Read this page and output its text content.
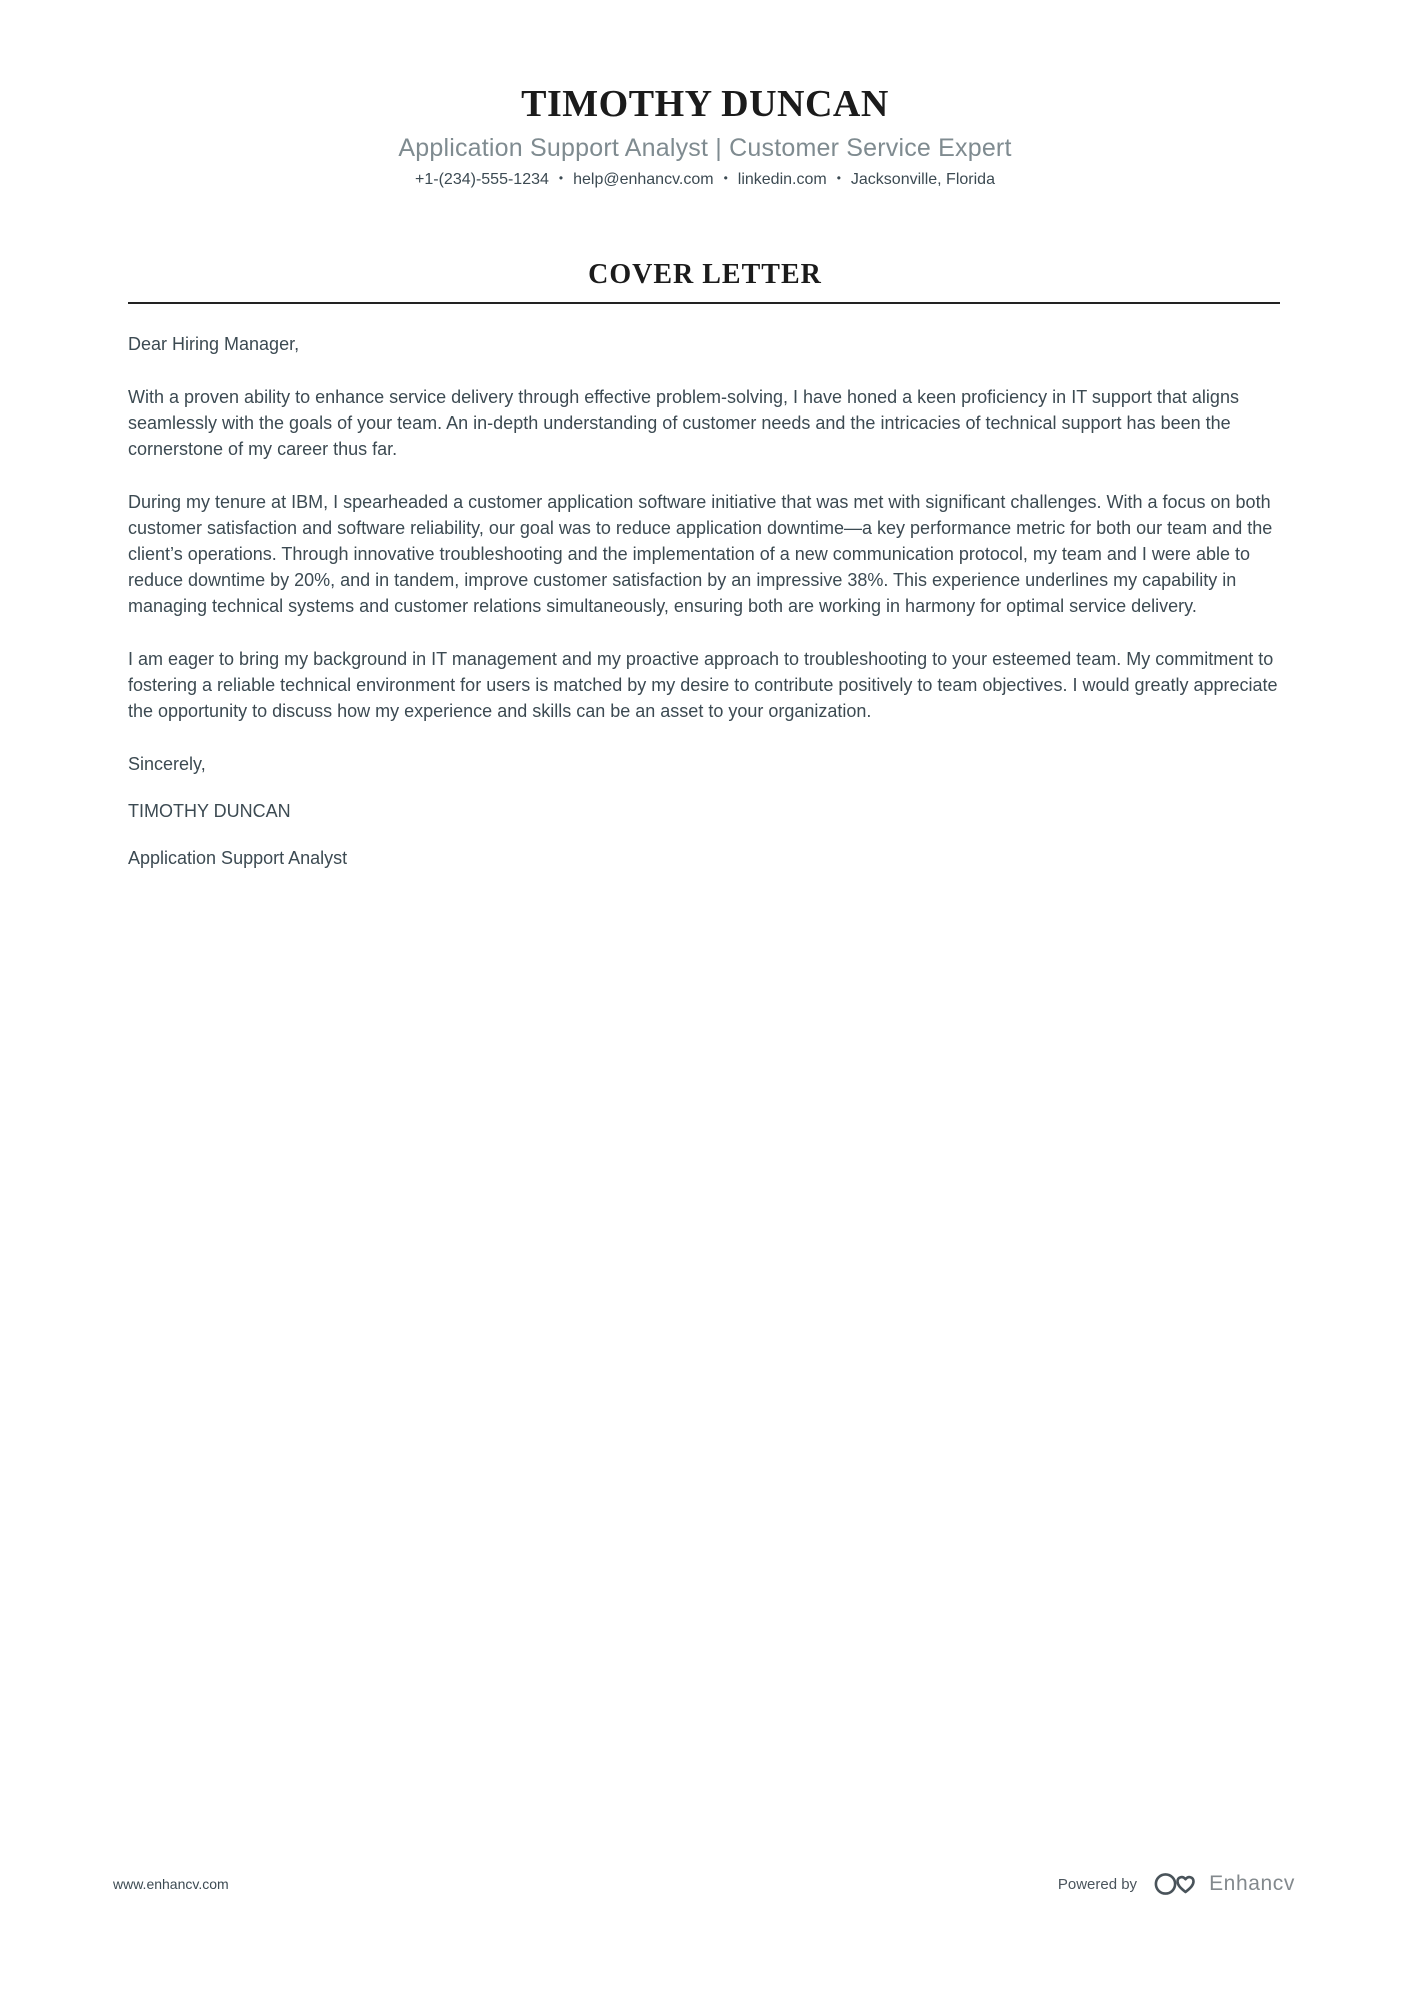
TIMOTHY DUNCAN
Application Support Analyst | Customer Service Expert
+1-(234)-555-1234 • help@enhancv.com • linkedin.com • Jacksonville, Florida
COVER LETTER

Dear Hiring Manager,

With a proven ability to enhance service delivery through effective problem-solving, I have honed a keen proficiency in IT support that aligns seamlessly with the goals of your team. An in-depth understanding of customer needs and the intricacies of technical support has been the cornerstone of my career thus far.

During my tenure at IBM, I spearheaded a customer application software initiative that was met with significant challenges. With a focus on both customer satisfaction and software reliability, our goal was to reduce application downtime—a key performance metric for both our team and the client’s operations. Through innovative troubleshooting and the implementation of a new communication protocol, my team and I were able to reduce downtime by 20%, and in tandem, improve customer satisfaction by an impressive 38%. This experience underlines my capability in managing technical systems and customer relations simultaneously, ensuring both are working in harmony for optimal service delivery.

I am eager to bring my background in IT management and my proactive approach to troubleshooting to your esteemed team. My commitment to fostering a reliable technical environment for users is matched by my desire to contribute positively to team objectives. I would greatly appreciate the opportunity to discuss how my experience and skills can be an asset to your organization.

Sincerely,

TIMOTHY DUNCAN

Application Support Analyst

www.enhancv.com	Powered by	Enhancv
